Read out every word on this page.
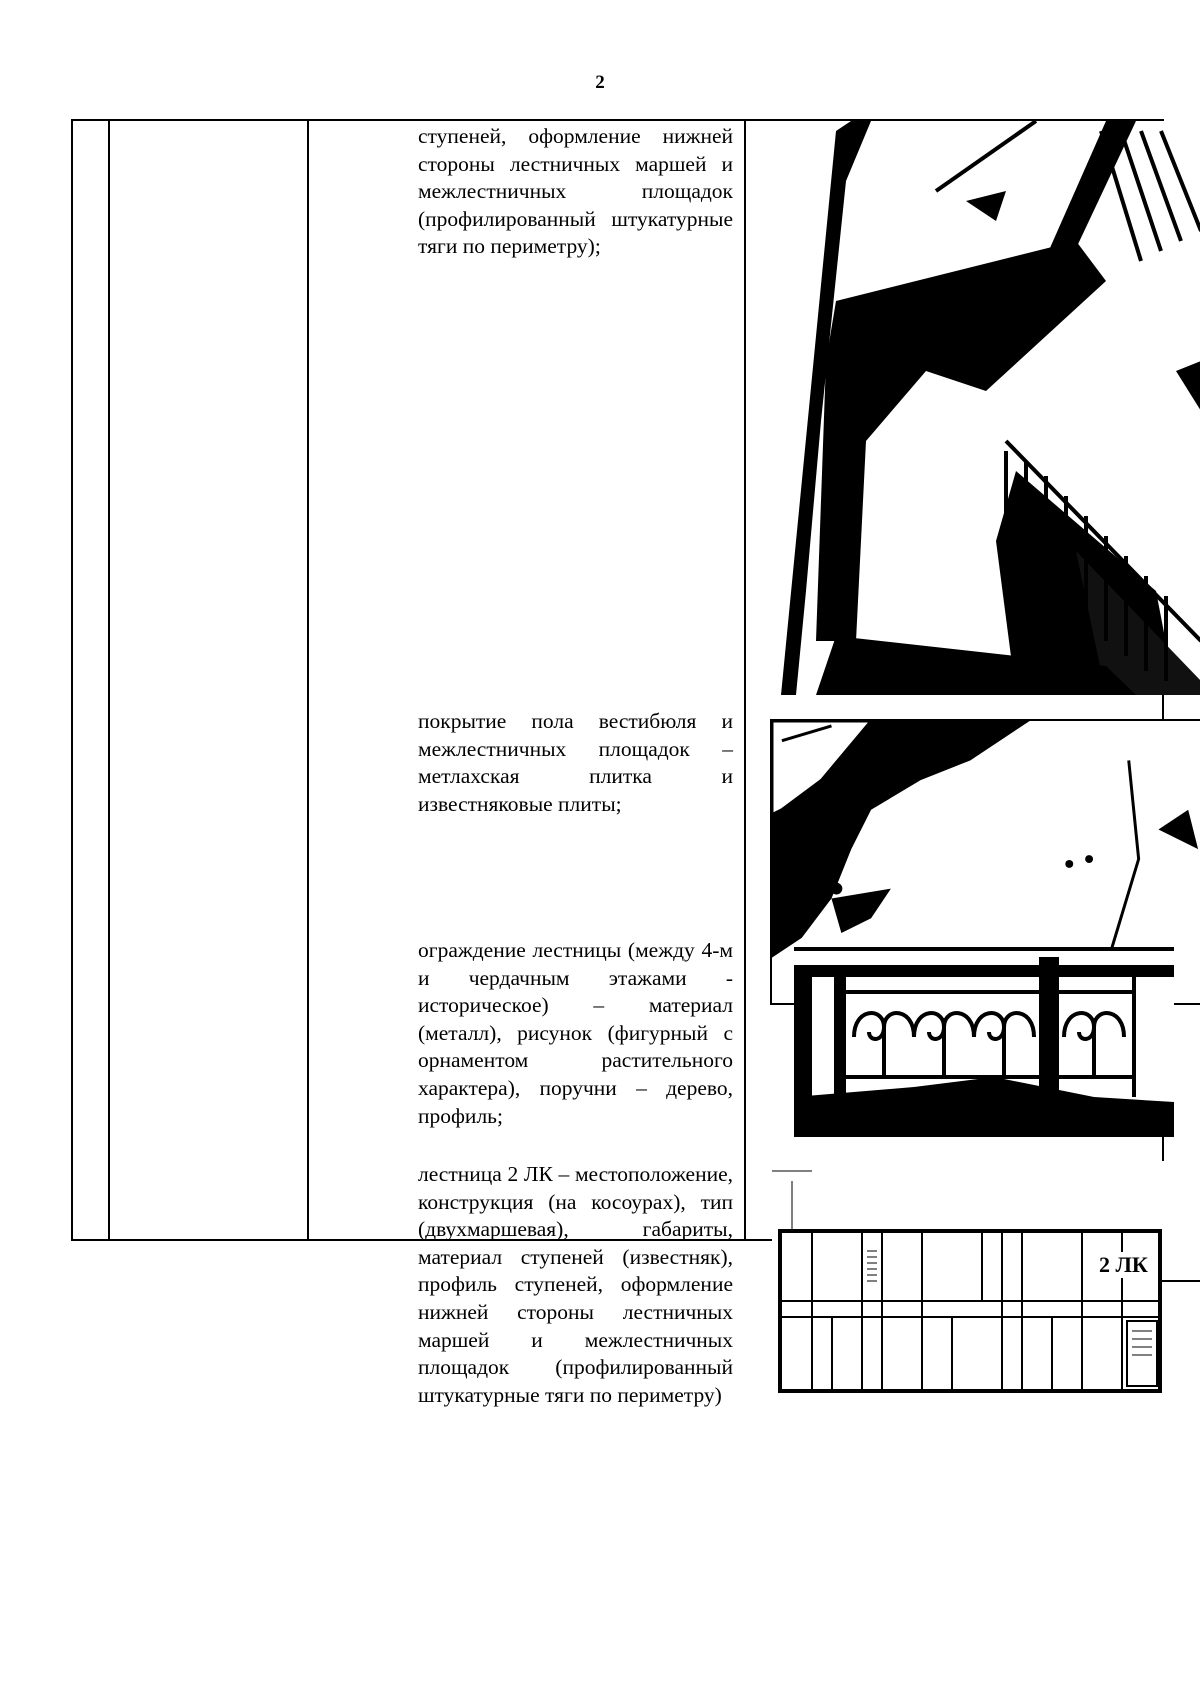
2
ступеней, оформление нижней стороны лестничных маршей и межлестничных площадок (профилированный штукатурные тяги по периметру);
покрытие пола вестибюля и межлестничных площадок – метлахская плитка и известняковые плиты;
ограждение лестницы (между 4-м и чердачным этажами - историческое) – материал (металл), рисунок (фигурный с орнаментом растительного характера), поручни – дерево, профиль;
лестница 2 ЛК – местоположение, конструкция (на косоурах), тип (двухмаршевая), габариты, материал ступеней (известняк), профиль ступеней, оформление нижней стороны лестничных маршей и межлестничных площадок (профилированный штукатурные тяги по периметру)
2 ЛК
